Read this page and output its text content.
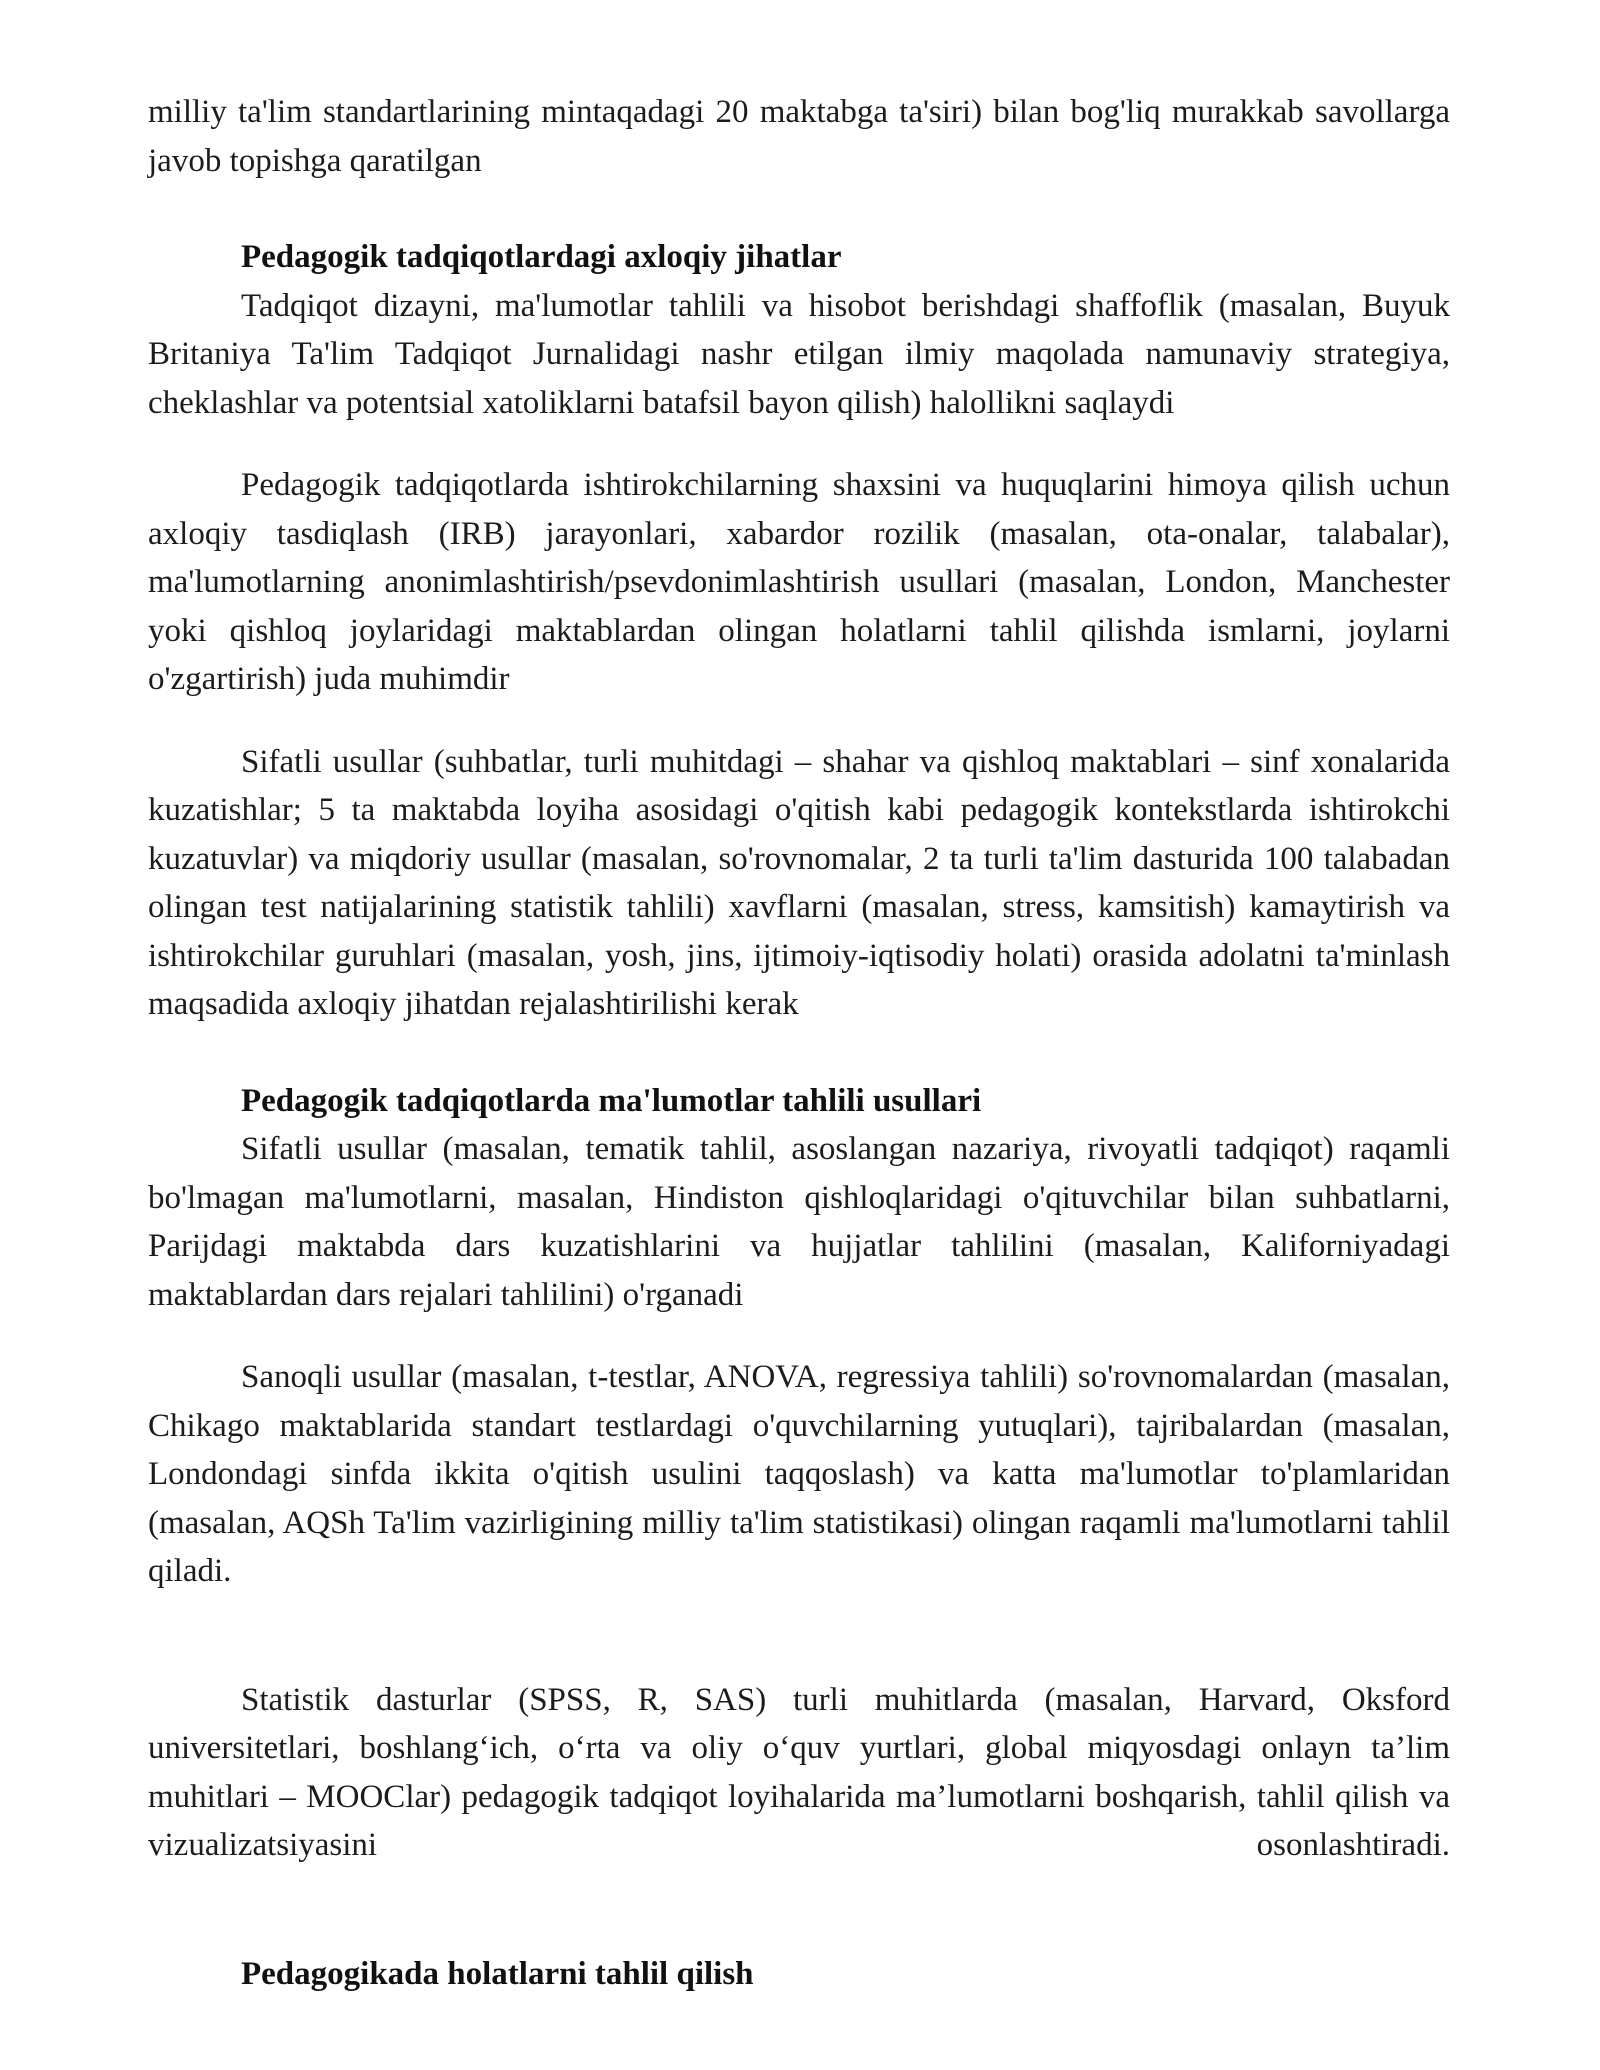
milliy ta'lim standartlarining mintaqadagi 20 maktabga ta'siri) bilan bog'liq murakkab savollarga javob topishga qaratilgan

Pedagogik tadqiqotlardagi axloqiy jihatlar

Tadqiqot dizayni, ma'lumotlar tahlili va hisobot berishdagi shaffoflik (masalan, Buyuk Britaniya Ta'lim Tadqiqot Jurnalidagi nashr etilgan ilmiy maqolada namunaviy strategiya, cheklashlar va potentsial xatoliklarni batafsil bayon qilish) halollikni saqlaydi

Pedagogik tadqiqotlarda ishtirokchilarning shaxsini va huquqlarini himoya qilish uchun axloqiy tasdiqlash (IRB) jarayonlari, xabardor rozilik (masalan, ota-onalar, talabalar), ma'lumotlarning anonimlashtirish/psevdonimlashtirish usullari (masalan, London, Manchester yoki qishloq joylaridagi maktablardan olingan holatlarni tahlil qilishda ismlarni, joylarni o'zgartirish) juda muhimdir

Sifatli usullar (suhbatlar, turli muhitdagi – shahar va qishloq maktablari – sinf xonalarida kuzatishlar; 5 ta maktabda loyiha asosidagi o'qitish kabi pedagogik kontekstlarda ishtirokchi kuzatuvlar) va miqdoriy usullar (masalan, so'rovnomalar, 2 ta turli ta'lim dasturida 100 talabadan olingan test natijalarining statistik tahlili) xavflarni (masalan, stress, kamsitish) kamaytirish va ishtirokchilar guruhlari (masalan, yosh, jins, ijtimoiy-iqtisodiy holati) orasida adolatni ta'minlash maqsadida axloqiy jihatdan rejalashtirilishi kerak

Pedagogik tadqiqotlarda ma'lumotlar tahlili usullari

Sifatli usullar (masalan, tematik tahlil, asoslangan nazariya, rivoyatli tadqiqot) raqamli bo'lmagan ma'lumotlarni, masalan, Hindiston qishloqlaridagi o'qituvchilar bilan suhbatlarni, Parijdagi maktabda dars kuzatishlarini va hujjatlar tahlilini (masalan, Kaliforniyadagi maktablardan dars rejalari tahlilini) o'rganadi

Sanoqli usullar (masalan, t-testlar, ANOVA, regressiya tahlili) so'rovnomalardan (masalan, Chikago maktablarida standart testlardagi o'quvchilarning yutuqlari), tajribalardan (masalan, Londondagi sinfda ikkita o'qitish usulini taqqoslash) va katta ma'lumotlar to'plamlaridan (masalan, AQSh Ta'lim vazirligining milliy ta'lim statistikasi) olingan raqamli ma'lumotlarni tahlil qiladi.

Statistik dasturlar (SPSS, R, SAS) turli muhitlarda (masalan, Harvard, Oksford universitetlari, boshlang‘ich, o‘rta va oliy o‘quv yurtlari, global miqyosdagi onlayn ta’lim muhitlari – MOOClar) pedagogik tadqiqot loyihalarida ma’lumotlarni boshqarish, tahlil qilish va vizualizatsiyasini osonlashtiradi.

Pedagogikada holatlarni tahlil qilish
